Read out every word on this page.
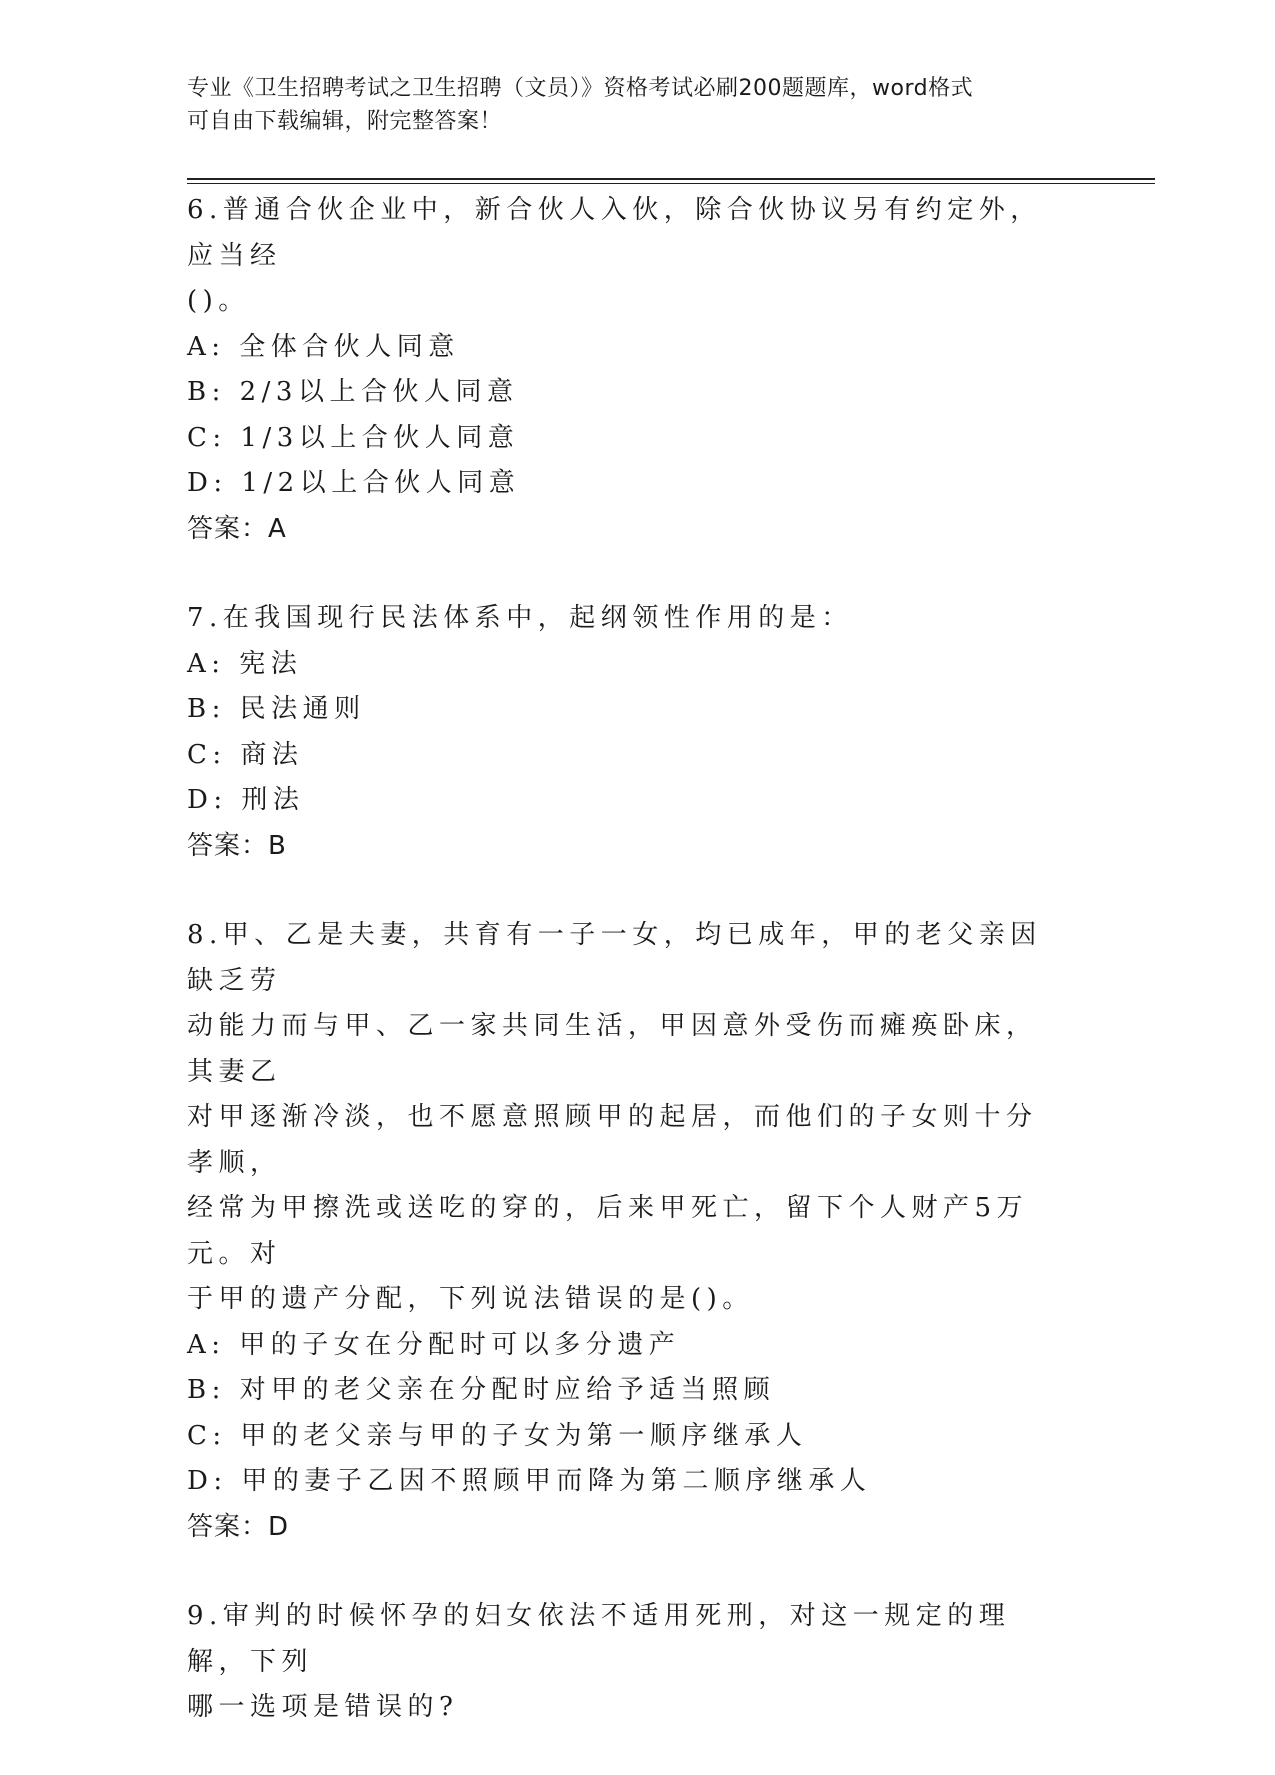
专业《卫生招聘考试之卫生招聘（文员）》资格考试必刷200题题库，word格式
可自由下载编辑，附完整答案！
6.普通合伙企业中，新合伙人入伙，除合伙协议另有约定外，应当经
()。
A: 全体合伙人同意
B: 2/3以上合伙人同意
C: 1/3以上合伙人同意
D: 1/2以上合伙人同意
答案：A
7.在我国现行民法体系中，起纲领性作用的是：
A: 宪法
B: 民法通则
C: 商法
D: 刑法
答案：B
8.甲、乙是夫妻，共育有一子一女，均已成年，甲的老父亲因缺乏劳
动能力而与甲、乙一家共同生活，甲因意外受伤而瘫痪卧床，其妻乙
对甲逐渐冷淡，也不愿意照顾甲的起居，而他们的子女则十分孝顺，
经常为甲擦洗或送吃的穿的，后来甲死亡，留下个人财产5万元。对
于甲的遗产分配，下列说法错误的是()。
A: 甲的子女在分配时可以多分遗产
B: 对甲的老父亲在分配时应给予适当照顾
C: 甲的老父亲与甲的子女为第一顺序继承人
D: 甲的妻子乙因不照顾甲而降为第二顺序继承人
答案：D
9.审判的时候怀孕的妇女依法不适用死刑，对这一规定的理解，下列
哪一选项是错误的?
